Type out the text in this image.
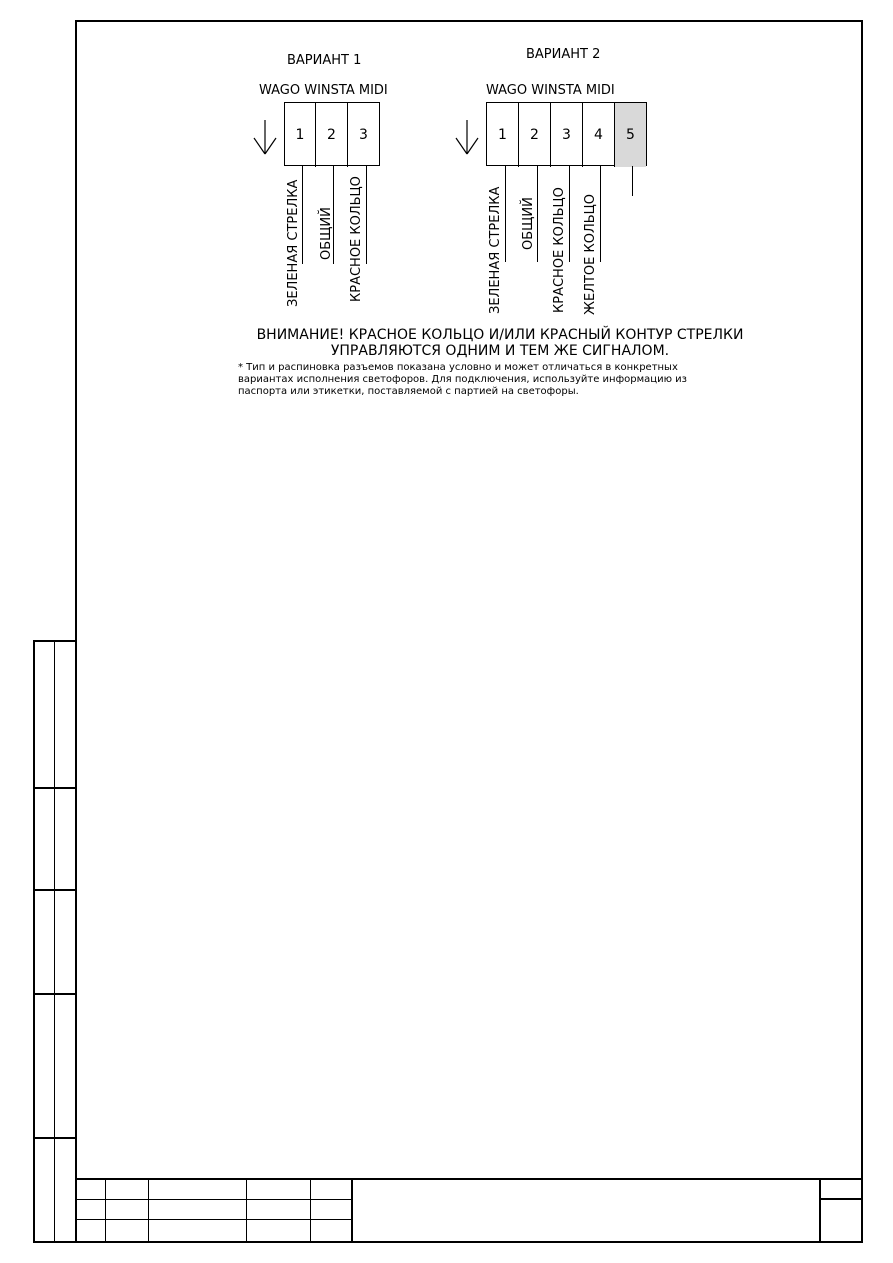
ВАРИАНТ 1
WAGO WINSTA MIDI
1	2	3
ЗЕЛЕНАЯ СТРЕЛКА ОБЩИЙ КРАСНОЕ КОЛЬЦО
ВАРИАНТ 2
WAGO WINSTA MIDI
1	2	3	4	5
ЗЕЛЕНАЯ СТРЕЛКА ОБЩИЙ КРАСНОЕ КОЛЬЦО ЖЕЛТОЕ КОЛЬЦО
ВНИМАНИЕ! КРАСНОЕ КОЛЬЦО И/ИЛИ КРАСНЫЙ КОНТУР СТРЕЛКИ
УПРАВЛЯЮТСЯ ОДНИМ И ТЕМ ЖЕ СИГНАЛОМ.
* Тип и распиновка разъемов показана условно и может отличаться в конкретных
вариантах исполнения светофоров. Для подключения, используйте информацию из
паспорта или этикетки, поставляемой с партией на светофоры.
